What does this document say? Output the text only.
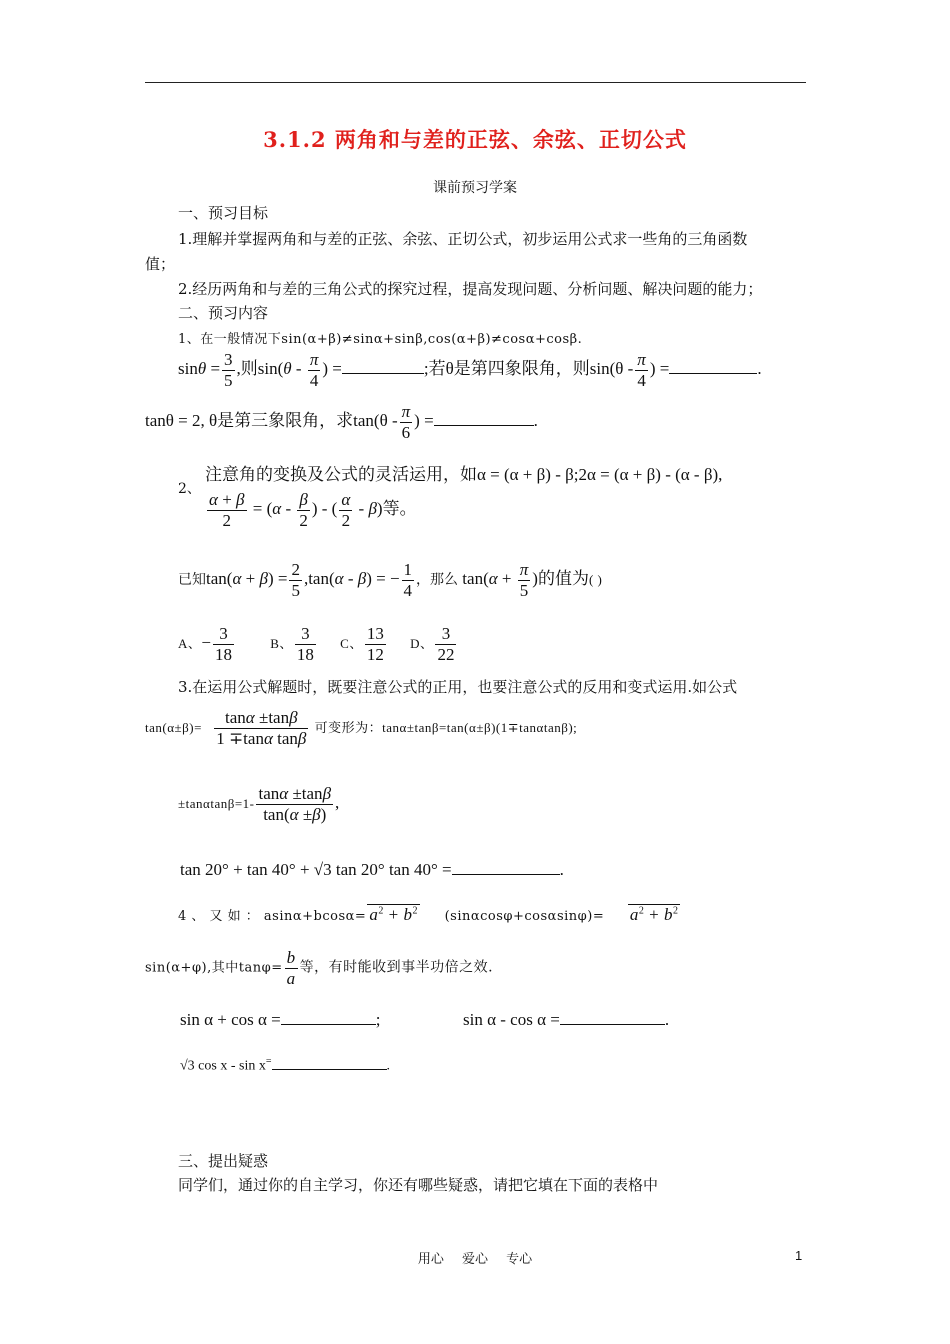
3.1.2 两角和与差的正弦、余弦、正切公式
课前预习学案
一、预习目标
1.理解并掌握两角和与差的正弦、余弦、正切公式，初步运用公式求一些角的三角函数
值；
2.经历两角和与差的三角公式的探究过程，提高发现问题、分析问题、解决问题的能力；
二、预习内容
1、在一般情况下sin(α+β)≠sinα+sinβ,cos(α+β)≠cosα+cosβ.
$\sin\theta = \frac{3}{5}$ ,则$\sin(\theta - \frac{\pi}{4}$ ) =	;若θ是第四象限角，则$\sin(\theta - \frac{\pi}{4}$ ) =	.
tanθ = 2, θ是第三象限角，求$\tan(\theta - \frac{\pi}{6}$ ) =	.
2、
注意角的变换及公式的灵活运用，如α = (α + β) - β;2α = (α + β) - (α - β),
$\frac{\alpha + \beta}{2} = (\alpha - \frac{\beta}{2}$ ) - ( $\frac{\alpha}{2} - \beta$)等。
已知$\tan(\alpha + \beta) = \frac{2}{5} ,\tan(\alpha - \beta)$ = − $\frac{1}{4}$ ，那么 $\tan(\alpha + \frac{\pi}{5}$ )的值为( )
A、− $\frac{3}{18}$	B、 $\frac{3}{18}$ C、 $\frac{13}{12}$ D、 $\frac{3}{22}$
3.在运用公式解题时，既要注意公式的正用，也要注意公式的反用和变式运用.如公式
$\tan(\alpha\pm\beta)= \frac{\tan\alpha \pm\tan\beta}{\text{1 ∓tanα tanβ}}$ 可变形为：tanα±tanβ=tan(α±β)(1∓tanαtanβ);
$\pm\tan\alpha\tan\beta=1- \frac{\tan\alpha \pm\tan\beta}{\tan(\alpha \pm\beta)}$ ,
tan 20° + tan 40° + √3 tan 20° tan 40° =	.
4 、 又 如 ： $asin\alpha+bcos\alpha= a^2 + b^2$ $(\sin\alpha\cos\varphi+\cos\alpha\sin\varphi)= a^2 + b^2$
sin(α+φ),其中$\tan\varphi= \frac{b}{a}$ 等，有时能收到事半功倍之效.
sin α + cos α =	;	sin α - cos α =	.
√3 cos x - sin x=	.
三、提出疑惑
同学们，通过你的自主学习，你还有哪些疑惑，请把它填在下面的表格中
用心 爱心 专心	1
